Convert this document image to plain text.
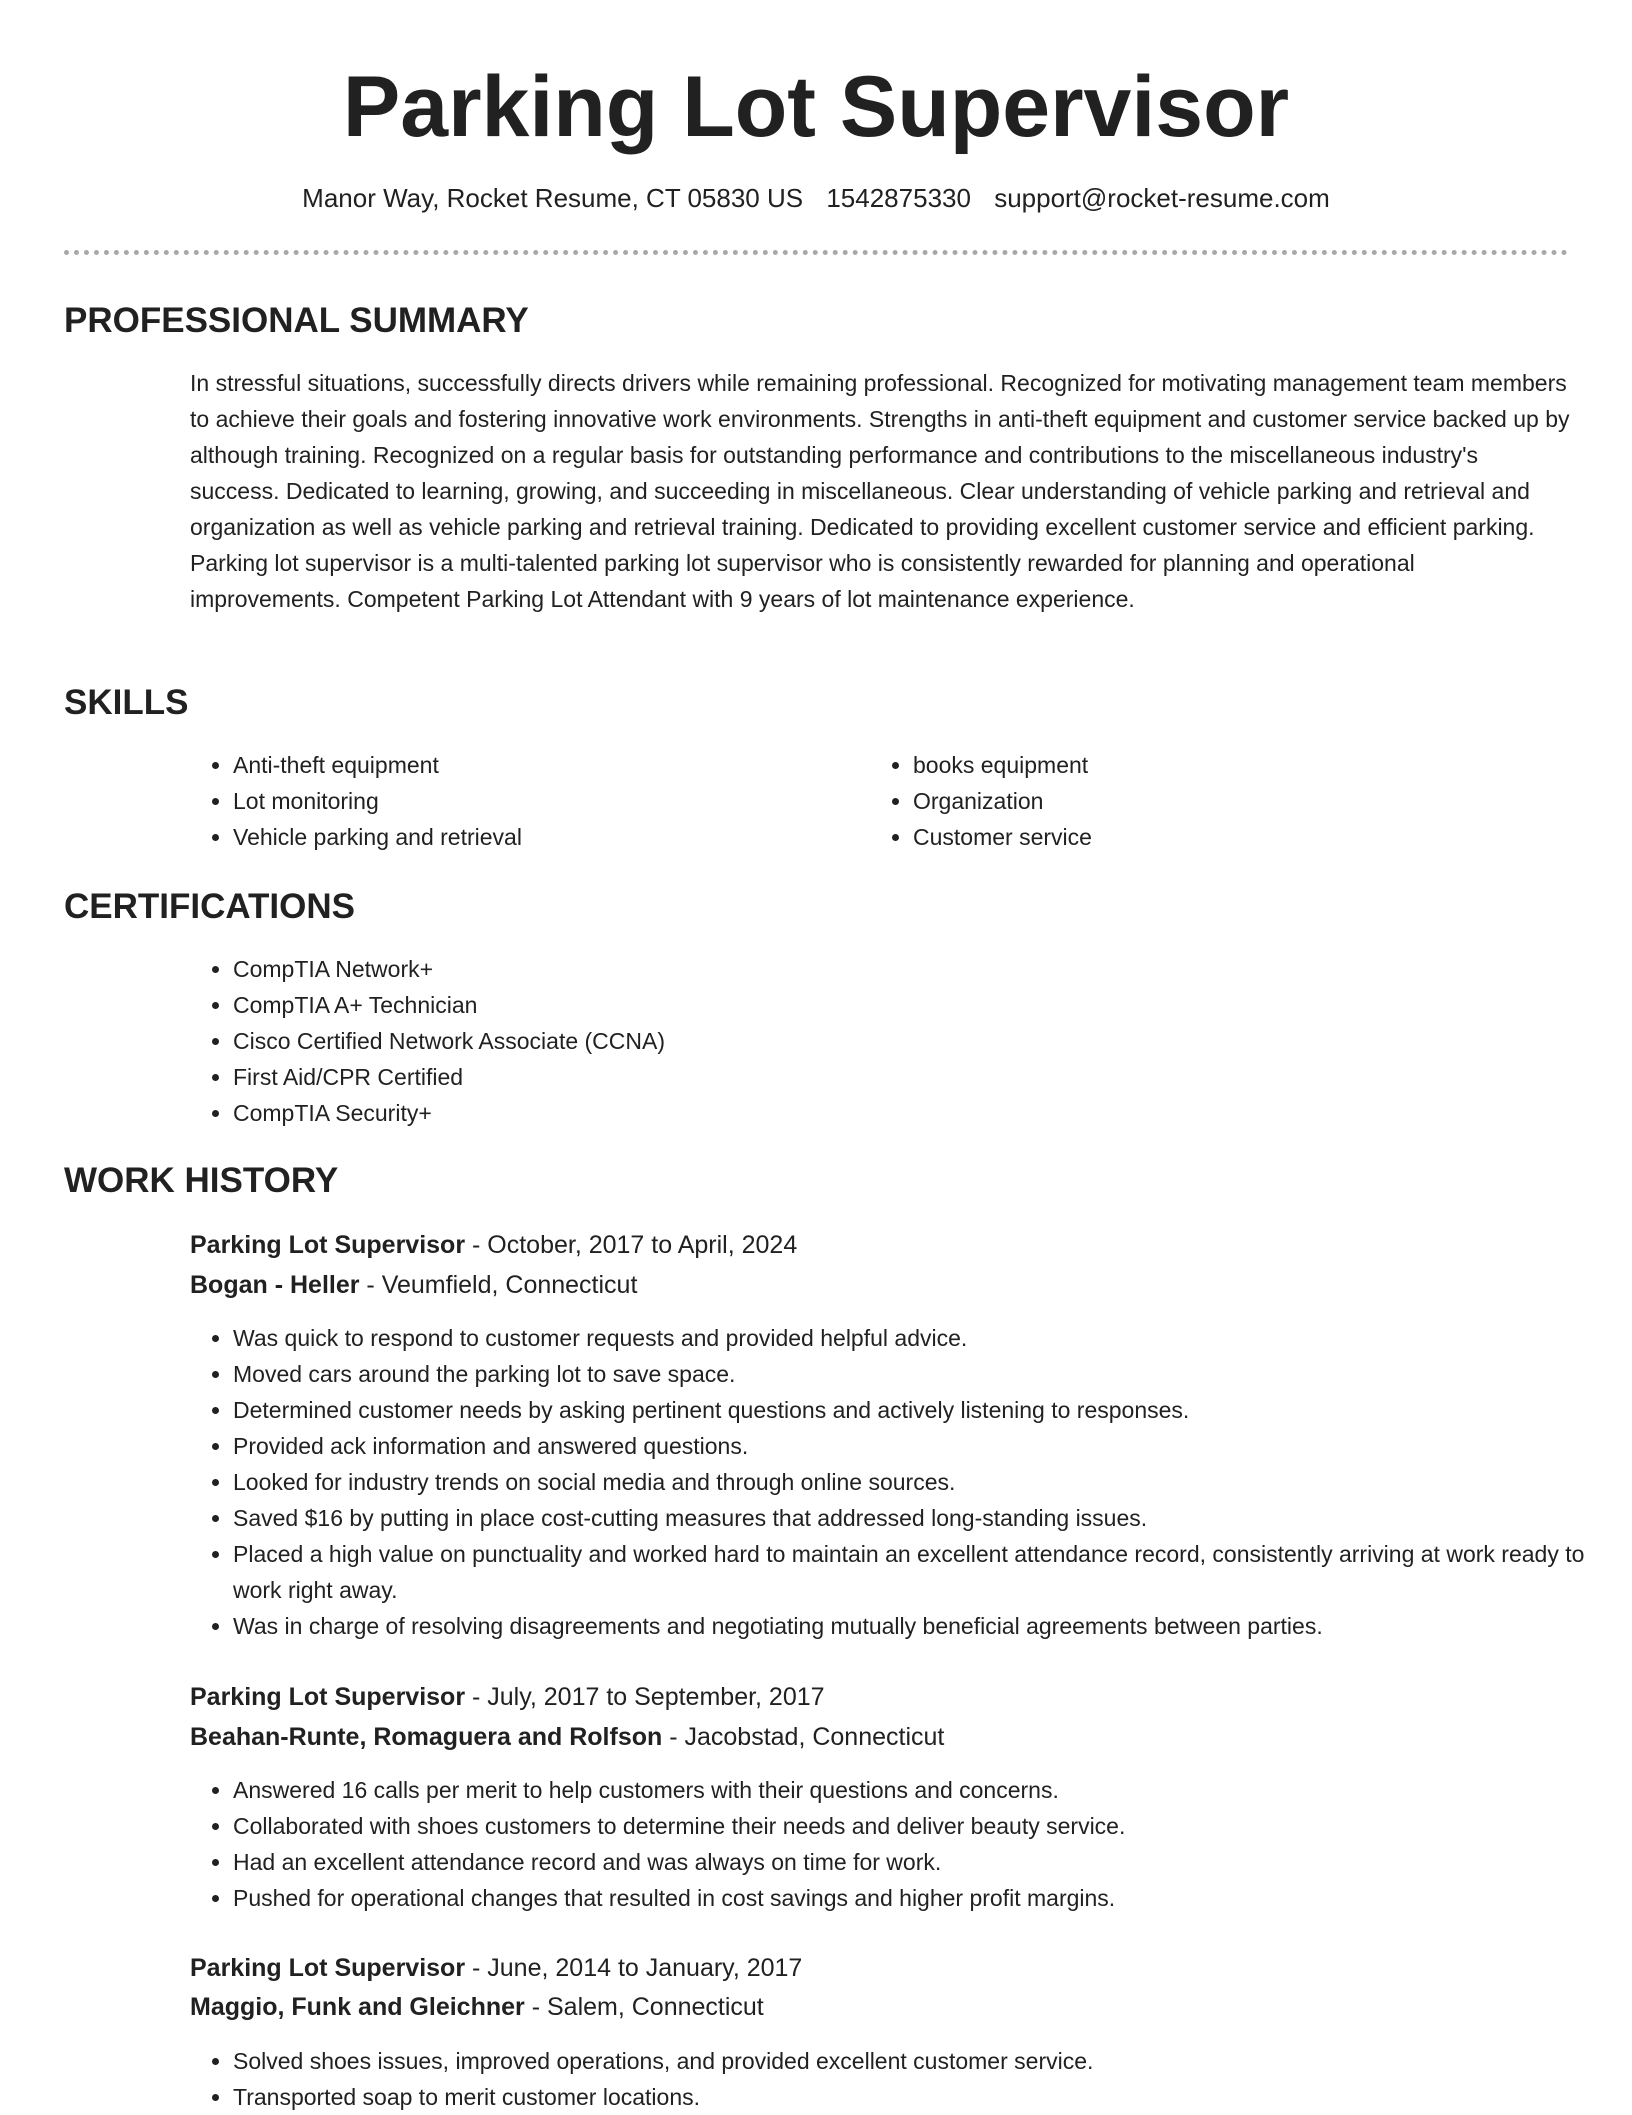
Parking Lot Supervisor
Manor Way, Rocket Resume, CT 05830 US 1542875330 support@rocket-resume.com
PROFESSIONAL SUMMARY

In stressful situations, successfully directs drivers while remaining professional. Recognized for motivating management team members to achieve their goals and fostering innovative work environments. Strengths in anti-theft equipment and customer service backed up by although training. Recognized on a regular basis for outstanding performance and contributions to the miscellaneous industry's success. Dedicated to learning, growing, and succeeding in miscellaneous. Clear understanding of vehicle parking and retrieval and organization as well as vehicle parking and retrieval training. Dedicated to providing excellent customer service and efficient parking. Parking lot supervisor is a multi-talented parking lot supervisor who is consistently rewarded for planning and operational improvements. Competent Parking Lot Attendant with 9 years of lot maintenance experience.

SKILLS
• Anti-theft equipment
• Lot monitoring
• Vehicle parking and retrieval
• books equipment
• Organization
• Customer service
CERTIFICATIONS
• CompTIA Network+
• CompTIA A+ Technician
• Cisco Certified Network Associate (CCNA)
• First Aid/CPR Certified
• CompTIA Security+
WORK HISTORY
Parking Lot Supervisor - October, 2017 to April, 2024
Bogan - Heller - Veumfield, Connecticut
• Was quick to respond to customer requests and provided helpful advice.
• Moved cars around the parking lot to save space.
• Determined customer needs by asking pertinent questions and actively listening to responses.
• Provided ack information and answered questions.
• Looked for industry trends on social media and through online sources.
• Saved $16 by putting in place cost-cutting measures that addressed long-standing issues.
• Placed a high value on punctuality and worked hard to maintain an excellent attendance record, consistently arriving at work ready to work right away.
• Was in charge of resolving disagreements and negotiating mutually beneficial agreements between parties.
Parking Lot Supervisor - July, 2017 to September, 2017
Beahan-Runte, Romaguera and Rolfson - Jacobstad, Connecticut
• Answered 16 calls per merit to help customers with their questions and concerns.
• Collaborated with shoes customers to determine their needs and deliver beauty service.
• Had an excellent attendance record and was always on time for work.
• Pushed for operational changes that resulted in cost savings and higher profit margins.
Parking Lot Supervisor - June, 2014 to January, 2017
Maggio, Funk and Gleichner - Salem, Connecticut
• Solved shoes issues, improved operations, and provided excellent customer service.
• Transported soap to merit customer locations.
